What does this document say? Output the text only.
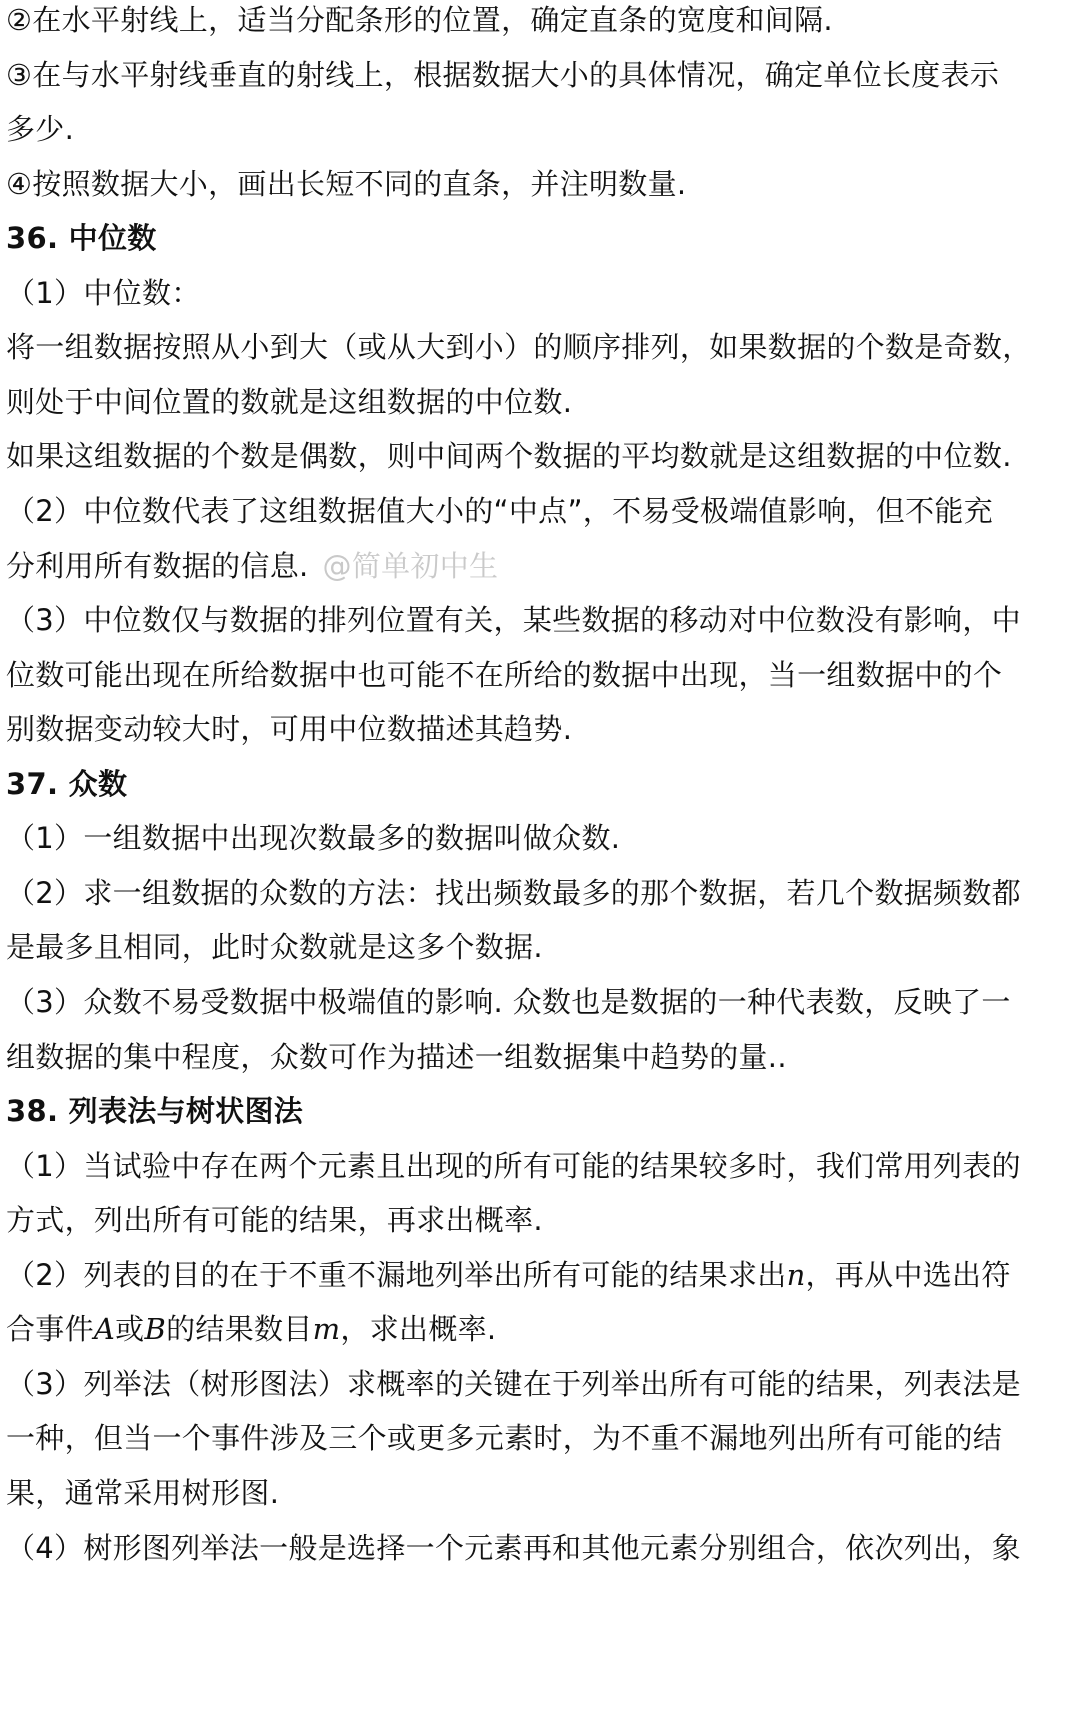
②在水平射线上，适当分配条形的位置，确定直条的宽度和间隔.
③在与水平射线垂直的射线上，根据数据大小的具体情况，确定单位长度表示
多少.
④按照数据大小，画出长短不同的直条，并注明数量.
36. 中位数
（1）中位数：
将一组数据按照从小到大（或从大到小）的顺序排列，如果数据的个数是奇数，
则处于中间位置的数就是这组数据的中位数.
如果这组数据的个数是偶数，则中间两个数据的平均数就是这组数据的中位数.
（2）中位数代表了这组数据值大小的“中点”，不易受极端值影响，但不能充
分利用所有数据的信息. @简单初中生
（3）中位数仅与数据的排列位置有关，某些数据的移动对中位数没有影响，中
位数可能出现在所给数据中也可能不在所给的数据中出现，当一组数据中的个
别数据变动较大时，可用中位数描述其趋势.
37. 众数
（1）一组数据中出现次数最多的数据叫做众数.
（2）求一组数据的众数的方法：找出频数最多的那个数据，若几个数据频数都
是最多且相同，此时众数就是这多个数据.
（3）众数不易受数据中极端值的影响. 众数也是数据的一种代表数，反映了一
组数据的集中程度，众数可作为描述一组数据集中趋势的量..
38. 列表法与树状图法
（1）当试验中存在两个元素且出现的所有可能的结果较多时，我们常用列表的
方式，列出所有可能的结果，再求出概率.
（2）列表的目的在于不重不漏地列举出所有可能的结果求出n，再从中选出符
合事件A或B的结果数目m，求出概率.
（3）列举法（树形图法）求概率的关键在于列举出所有可能的结果，列表法是
一种，但当一个事件涉及三个或更多元素时，为不重不漏地列出所有可能的结
果，通常采用树形图.
（4）树形图列举法一般是选择一个元素再和其他元素分别组合，依次列出，象
